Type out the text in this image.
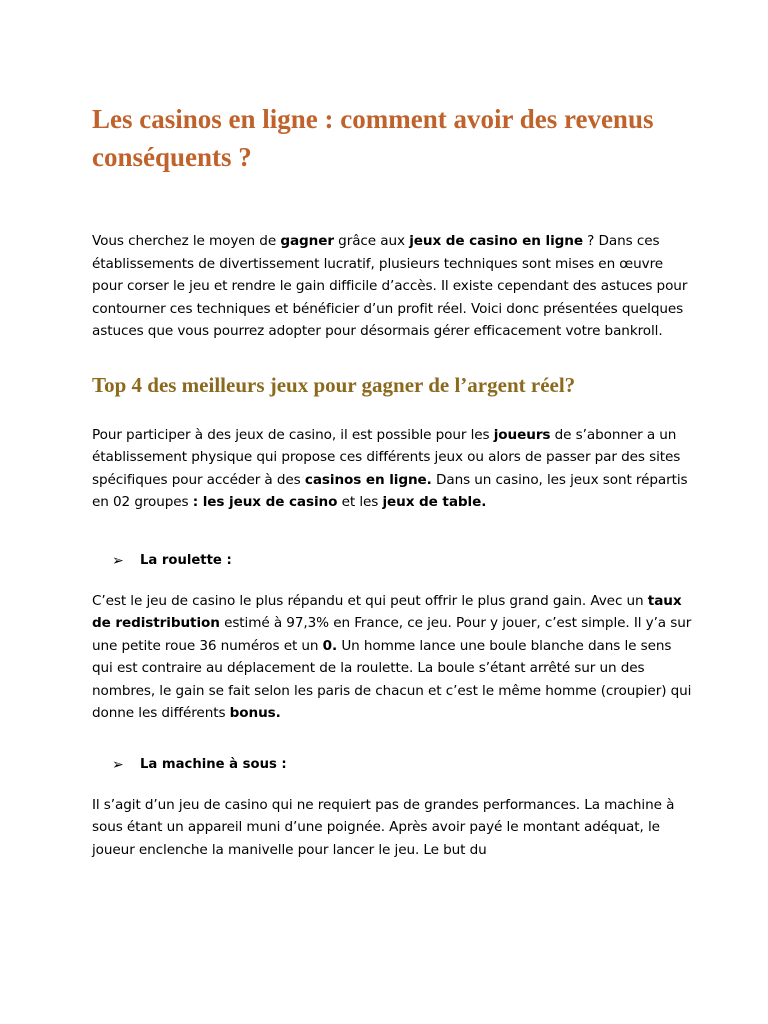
Les casinos en ligne : comment avoir des revenus conséquents ?

Vous cherchez le moyen de gagner grâce aux jeux de casino en ligne ? Dans ces établissements de divertissement lucratif, plusieurs techniques sont mises en œuvre pour corser le jeu et rendre le gain difficile d’accès. Il existe cependant des astuces pour contourner ces techniques et bénéficier d’un profit réel. Voici donc présentées quelques astuces que vous pourrez adopter pour désormais gérer efficacement votre bankroll.

Top 4 des meilleurs jeux pour gagner de l’argent réel?

Pour participer à des jeux de casino, il est possible pour les joueurs de s’abonner a un établissement physique qui propose ces différents jeux ou alors de passer par des sites spécifiques pour accéder à des casinos en ligne. Dans un casino, les jeux sont répartis en 02 groupes : les jeux de casino et les jeux de table.

➢	La roulette :

C’est le jeu de casino le plus répandu et qui peut offrir le plus grand gain. Avec un taux de redistribution estimé à 97,3% en France, ce jeu. Pour y jouer, c’est simple. Il y’a sur une petite roue 36 numéros et un 0. Un homme lance une boule blanche dans le sens qui est contraire au déplacement de la roulette. La boule s’étant arrêté sur un des nombres, le gain se fait selon les paris de chacun et c’est le même homme (croupier) qui donne les différents bonus.

➢	La machine à sous :

Il s’agit d’un jeu de casino qui ne requiert pas de grandes performances. La machine à sous étant un appareil muni d’une poignée. Après avoir payé le montant adéquat, le joueur enclenche la manivelle pour lancer le jeu. Le but du
